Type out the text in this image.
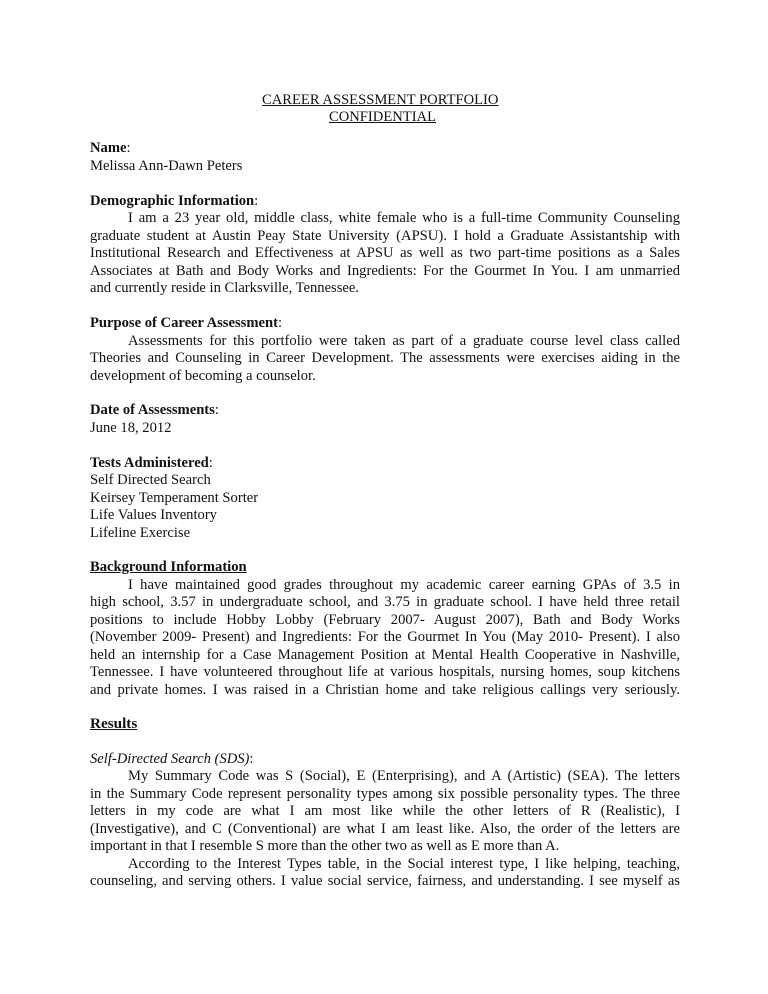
CAREER ASSESSMENT PORTFOLIO
CONFIDENTIAL
Name:
Melissa Ann-Dawn Peters
Demographic Information:
I am a 23 year old, middle class, white female who is a full-time Community Counseling
graduate student at Austin Peay State University (APSU). I hold a Graduate Assistantship with
Institutional Research and Effectiveness at APSU as well as two part-time positions as a Sales
Associates at Bath and Body Works and Ingredients: For the Gourmet In You. I am unmarried
and currently reside in Clarksville, Tennessee.
Purpose of Career Assessment:
Assessments for this portfolio were taken as part of a graduate course level class called
Theories and Counseling in Career Development. The assessments were exercises aiding in the
development of becoming a counselor.
Date of Assessments:
June 18, 2012
Tests Administered:
Self Directed Search
Keirsey Temperament Sorter
Life Values Inventory
Lifeline Exercise
Background Information
I have maintained good grades throughout my academic career earning GPAs of 3.5 in
high school, 3.57 in undergraduate school, and 3.75 in graduate school. I have held three retail
positions to include Hobby Lobby (February 2007- August 2007), Bath and Body Works
(November 2009- Present) and Ingredients: For the Gourmet In You (May 2010- Present). I also
held an internship for a Case Management Position at Mental Health Cooperative in Nashville,
Tennessee. I have volunteered throughout life at various hospitals, nursing homes, soup kitchens
and private homes. I was raised in a Christian home and take religious callings very seriously.
Results
Self-Directed Search (SDS):
My Summary Code was S (Social), E (Enterprising), and A (Artistic) (SEA). The letters
in the Summary Code represent personality types among six possible personality types. The three
letters in my code are what I am most like while the other letters of R (Realistic), I
(Investigative), and C (Conventional) are what I am least like. Also, the order of the letters are
important in that I resemble S more than the other two as well as E more than A.
According to the Interest Types table, in the Social interest type, I like helping, teaching,
counseling, and serving others. I value social service, fairness, and understanding. I see myself as
